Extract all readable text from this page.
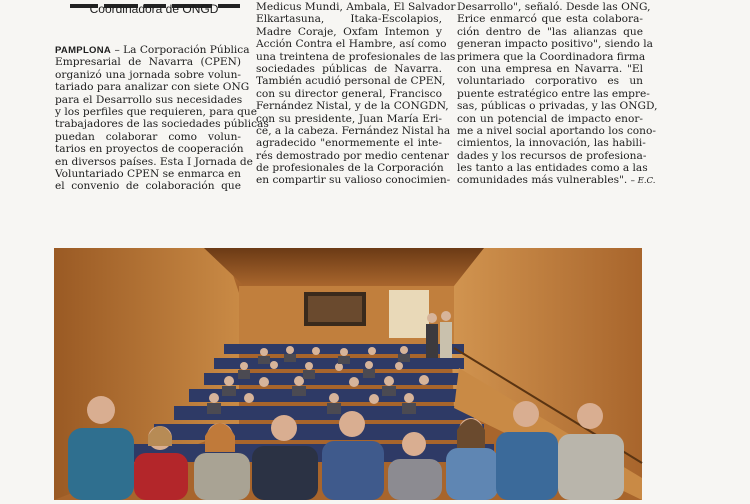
Coordinadora de ONGD
PAMPLONA – La Corporación Pública
Empresarial de Navarra (CPEN)
organizó una jornada sobre volun-
tariado para analizar con siete ONG
para el Desarrollo sus necesidades
y los perfiles que requieren, para que
trabajadores de las sociedades públicas
puedan colaborar como volun-
tarios en proyectos de cooperación
en diversos países. Esta I Jornada de
Voluntariado CPEN se enmarca en
el convenio de colaboración que
Medicus Mundi, Ambala, El Salvador
Elkartasuna, Itaka-Escolapios,
Madre Coraje, Oxfam Intemon y
Acción Contra el Hambre, así como
una treintena de profesionales de las
sociedades públicas de Navarra.
También acudió personal de CPEN,
con su director general, Francisco
Fernández Nistal, y de la CONGDN,
con su presidente, Juan María Eri-
ce, a la cabeza. Fernández Nistal ha
agradecido "enormemente el inte-
rés demostrado por medio centenar
de profesionales de la Corporación
en compartir su valioso conocimien-
Desarrollo", señaló. Desde las ONG,
Erice enmarcó que esta colabora-
ción dentro de "las alianzas que
generan impacto positivo", siendo la
primera que la Coordinadora firma
con una empresa en Navarra. "El
voluntariado corporativo es un
puente estratégico entre las empre-
sas, públicas o privadas, y las ONGD,
con un potencial de impacto enor-
me a nivel social aportando los cono-
cimientos, la innovación, las habili-
dades y los recursos de profesiona-
les tanto a las entidades como a las
comunidades más vulnerables". – E.C.
